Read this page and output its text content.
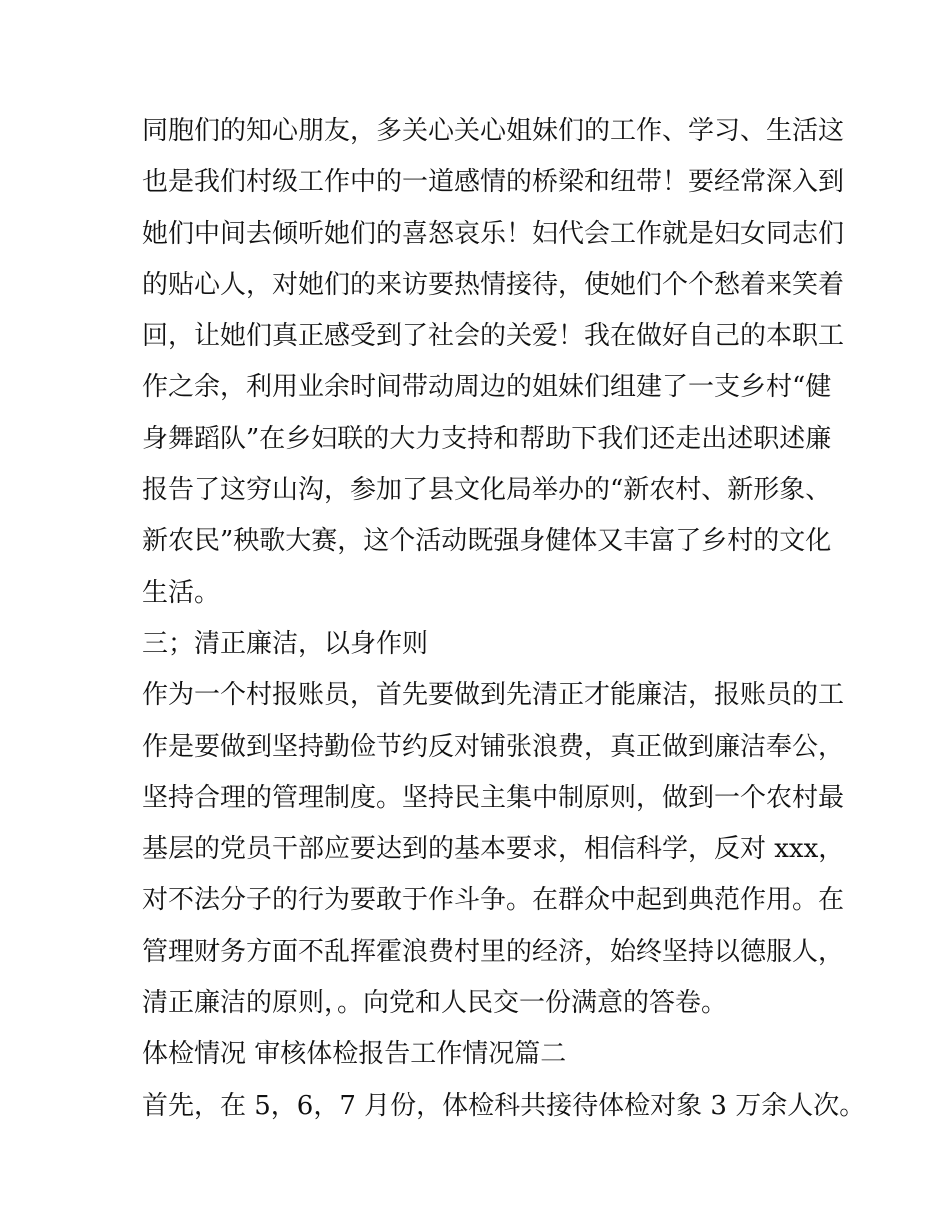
同胞们的知心朋友，多关心关心姐妹们的工作、学习、生活这
也是我们村级工作中的一道感情的桥梁和纽带！要经常深入到
她们中间去倾听她们的喜怒哀乐！妇代会工作就是妇女同志们
的贴心人，对她们的来访要热情接待，使她们个个愁着来笑着
回，让她们真正感受到了社会的关爱！我在做好自己的本职工
作之余，利用业余时间带动周边的姐妹们组建了一支乡村“健
身舞蹈队”在乡妇联的大力支持和帮助下我们还走出述职述廉
报告了这穷山沟，参加了县文化局举办的“新农村、新形象、
新农民”秧歌大赛，这个活动既强身健体又丰富了乡村的文化
生活。
三；清正廉洁，以身作则
作为一个村报账员，首先要做到先清正才能廉洁，报账员的工
作是要做到坚持勤俭节约反对铺张浪费，真正做到廉洁奉公，
坚持合理的管理制度。坚持民主集中制原则，做到一个农村最
基层的党员干部应要达到的基本要求，相信科学，反对 xxx，
对不法分子的行为要敢于作斗争。在群众中起到典范作用。在
管理财务方面不乱挥霍浪费村里的经济，始终坚持以德服人，
清正廉洁的原则，。向党和人民交一份满意的答卷。
体检情况 审核体检报告工作情况篇二
首先，在 5，6，7 月份，体检科共接待体检对象 3 万余人次。
